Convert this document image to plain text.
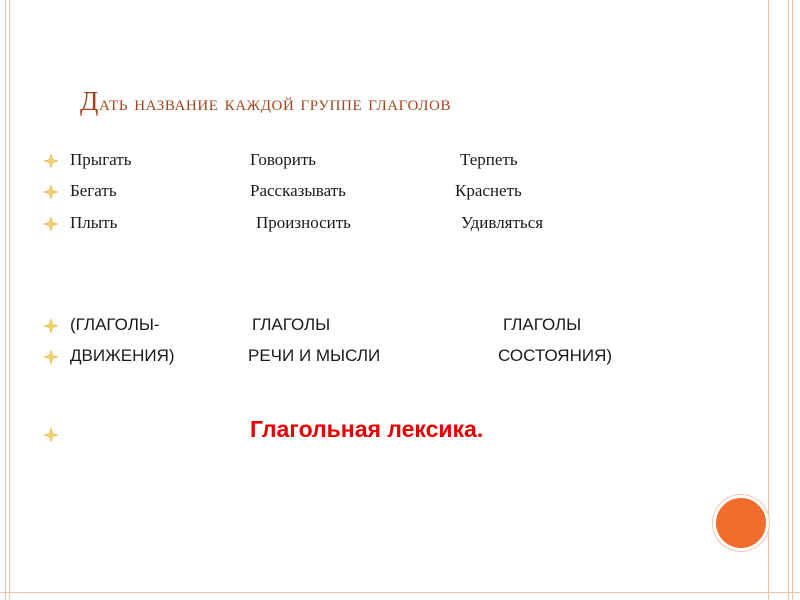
Дать название каждой группе глаголов
Прыгать	Говорить	Терпеть
Бегать	Рассказывать	Краснеть
Плыть	Произносить	Удивляться
(ГЛАГОЛЫ-	ГЛАГОЛЫ	ГЛАГОЛЫ
ДВИЖЕНИЯ)	РЕЧИ И МЫСЛИ	СОСТОЯНИЯ)
Глагольная лексика.
